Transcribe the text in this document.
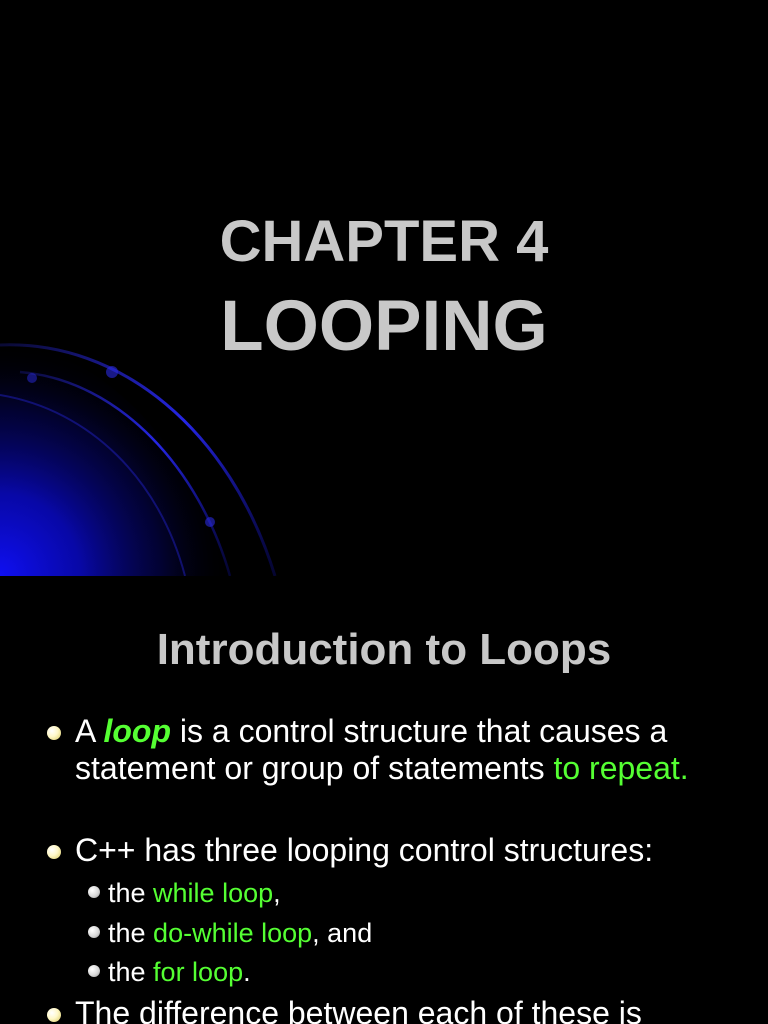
CHAPTER 4
LOOPING
Introduction to Loops
A loop is a control structure that causes a statement or group of statements to repeat.
C++ has three looping control structures:
the while loop,
the do-while loop, and
the for loop.
The difference between each of these is
